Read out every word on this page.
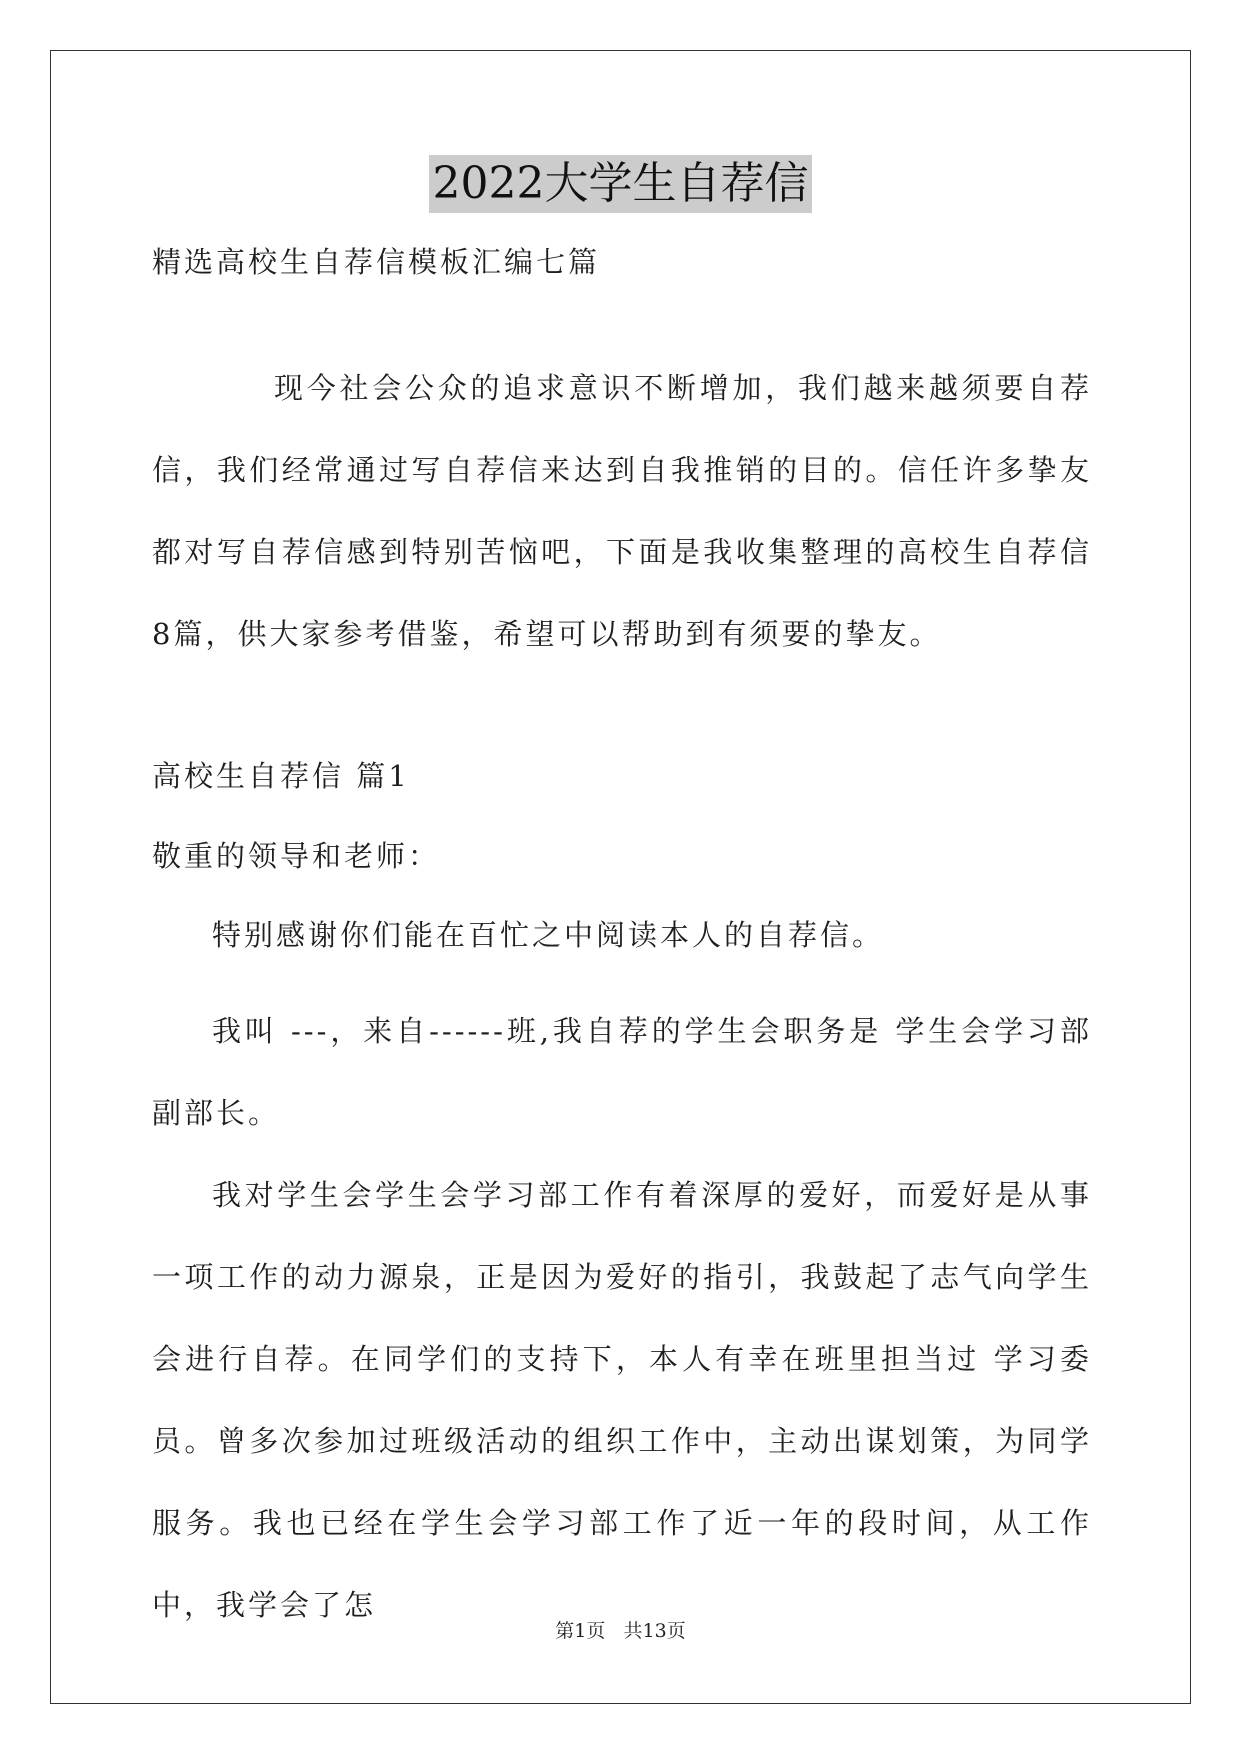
2022大学生自荐信

精选高校生自荐信模板汇编七篇

现今社会公众的追求意识不断增加，我们越来越须要自荐信，我们经常通过写自荐信来达到自我推销的目的。信任许多挚友都对写自荐信感到特别苦恼吧，下面是我收集整理的高校生自荐信8篇，供大家参考借鉴，希望可以帮助到有须要的挚友。

高校生自荐信 篇1

敬重的领导和老师：

特别感谢你们能在百忙之中阅读本人的自荐信。

我叫 ---，来自------班,我自荐的学生会职务是 学生会学习部副部长。

我对学生会学生会学习部工作有着深厚的爱好，而爱好是从事一项工作的动力源泉，正是因为爱好的指引，我鼓起了志气向学生会进行自荐。在同学们的支持下，本人有幸在班里担当过 学习委员。曾多次参加过班级活动的组织工作中，主动出谋划策，为同学服务。我也已经在学生会学习部工作了近一年的段时间，从工作中，我学会了怎

第1页 共13页
